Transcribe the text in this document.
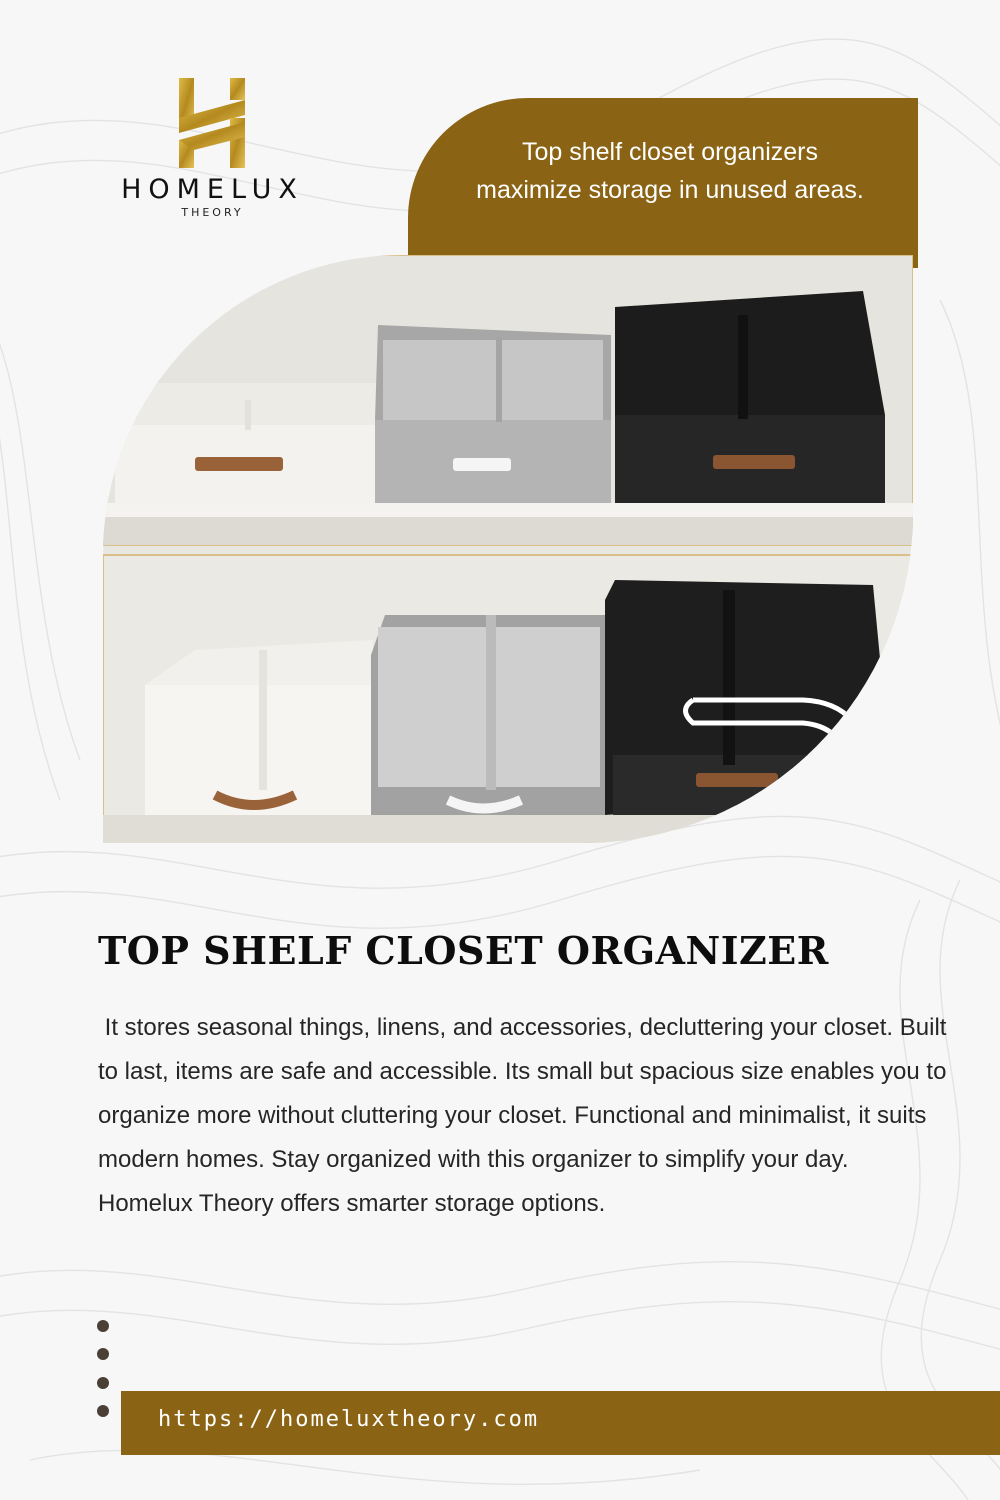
HOMELUX
THEORY
Top shelf closet organizers maximize storage in unused areas.
TOP SHELF CLOSET ORGANIZER

It stores seasonal things, linens, and accessories, decluttering your closet. Built to last, items are safe and accessible. Its small but spacious size enables you to organize more without cluttering your closet. Functional and minimalist, it suits modern homes. Stay organized with this organizer to simplify your day. Homelux Theory offers smarter storage options.

https://homeluxtheory.com
